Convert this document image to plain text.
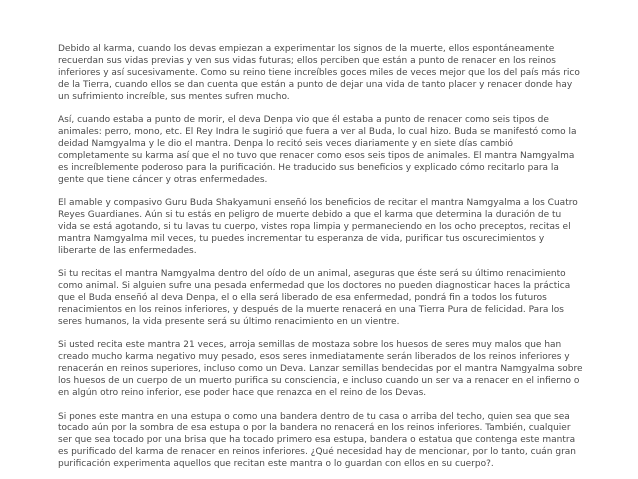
Debido al karma, cuando los devas empiezan a experimentar los signos de la muerte, ellos espontáneamente recuerdan sus vidas previas y ven sus vidas futuras; ellos perciben que están a punto de renacer en los reinos inferiores y así sucesivamente. Como su reino tiene increíbles goces miles de veces mejor que los del país más rico de la Tierra, cuando ellos se dan cuenta que están a punto de dejar una vida de tanto placer y renacer donde hay un sufrimiento increíble, sus mentes sufren mucho.

Así, cuando estaba a punto de morir, el deva Denpa vio que él estaba a punto de renacer como seis tipos de animales: perro, mono, etc. El Rey Indra le sugirió que fuera a ver al Buda, lo cual hizo. Buda se manifestó como la deidad Namgyalma y le dio el mantra. Denpa lo recitó seis veces diariamente y en siete días cambió completamente su karma así que el no tuvo que renacer como esos seis tipos de animales. El mantra Namgyalma es increíblemente poderoso para la purificación. He traducido sus beneficios y explicado cómo recitarlo para la gente que tiene cáncer y otras enfermedades.

El amable y compasivo Guru Buda Shakyamuni enseñó los beneficios de recitar el mantra Namgyalma a los Cuatro Reyes Guardianes. Aún si tu estás en peligro de muerte debido a que el karma que determina la duración de tu vida se está agotando, si tu lavas tu cuerpo, vistes ropa limpia y permaneciendo en los ocho preceptos, recitas el mantra Namgyalma mil veces, tu puedes incrementar tu esperanza de vida, purificar tus oscurecimientos y liberarte de las enfermedades.

Si tu recitas el mantra Namgyalma dentro del oído de un animal, aseguras que éste será su último renacimiento como animal. Si alguien sufre una pesada enfermedad que los doctores no pueden diagnosticar haces la práctica que el Buda enseñó al deva Denpa, el o ella será liberado de esa enfermedad, pondrá fin a todos los futuros renacimientos en los reinos inferiores, y después de la muerte renacerá en una Tierra Pura de felicidad. Para los seres humanos, la vida presente será su último renacimiento en un vientre.

Si usted recita este mantra 21 veces, arroja semillas de mostaza sobre los huesos de seres muy malos que han creado mucho karma negativo muy pesado, esos seres inmediatamente serán liberados de los reinos inferiores y renacerán en reinos superiores, incluso como un Deva. Lanzar semillas bendecidas por el mantra Namgyalma sobre los huesos de un cuerpo de un muerto purifica su consciencia, e incluso cuando un ser va a renacer en el infierno o en algún otro reino inferior, ese poder hace que renazca en el reino de los Devas.

Si pones este mantra en una estupa o como una bandera dentro de tu casa o arriba del techo, quien sea que sea tocado aún por la sombra de esa estupa o por la bandera no renacerá en los reinos inferiores. También, cualquier ser que sea tocado por una brisa que ha tocado primero esa estupa, bandera o estatua que contenga este mantra es purificado del karma de renacer en reinos inferiores. ¿Qué necesidad hay de mencionar, por lo tanto, cuán gran purificación experimenta aquellos que recitan este mantra o lo guardan con ellos en su cuerpo?.
